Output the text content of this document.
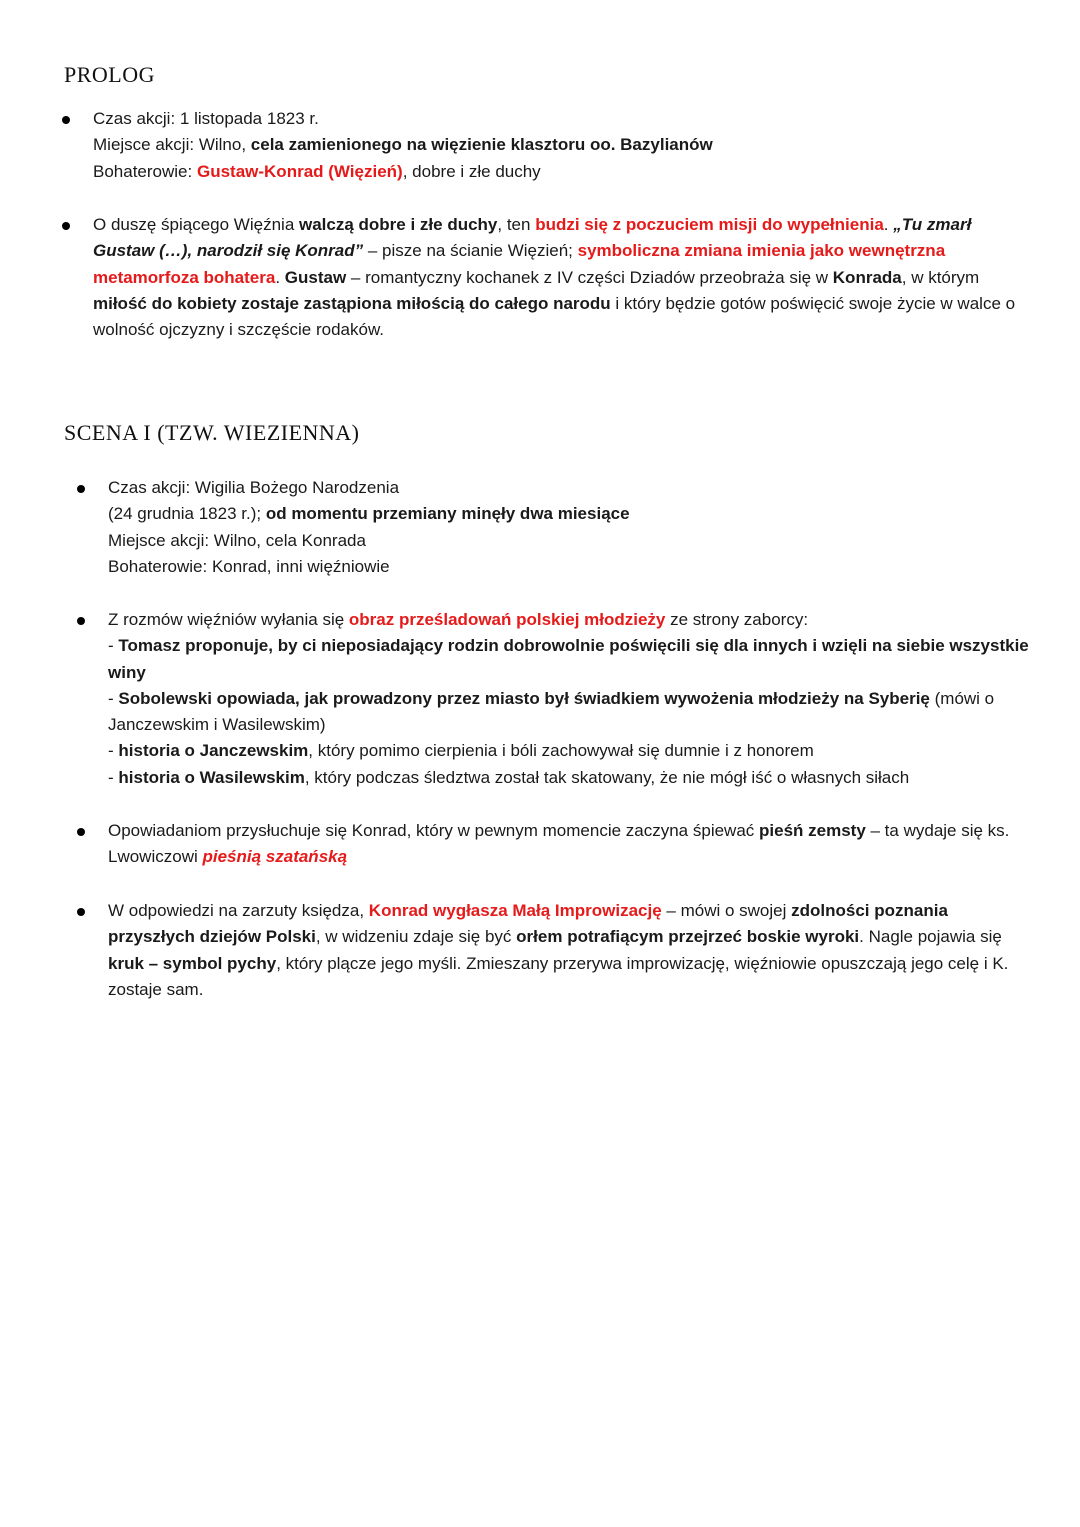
PROLOG

Czas akcji: 1 listopada 1823 r.

Miejsce akcji: Wilno, cela zamienionego na więzienie klasztoru oo. Bazylianów

Bohaterowie: Gustaw-Konrad (Więzień), dobre i złe duchy

O duszę śpiącego Więźnia walczą dobre i złe duchy, ten budzi się z poczuciem misji do wypełnienia. „Tu zmarł Gustaw (…), narodził się Konrad” – pisze na ścianie Więzień; symboliczna zmiana imienia jako wewnętrzna metamorfoza bohatera. Gustaw – romantyczny kochanek z IV części Dziadów przeobraża się w Konrada, w którym miłość do kobiety zostaje zastąpiona miłością do całego narodu i który będzie gotów poświęcić swoje życie w walce o wolność ojczyzny i szczęście rodaków.

SCENA I (TZW. WIEZIENNA)

Czas akcji: Wigilia Bożego Narodzenia

(24 grudnia 1823 r.); od momentu przemiany minęły dwa miesiące

Miejsce akcji: Wilno, cela Konrada

Bohaterowie: Konrad, inni więźniowie

Z rozmów więźniów wyłania się obraz prześladowań polskiej młodzieży ze strony zaborcy:

- Tomasz proponuje, by ci nieposiadający rodzin dobrowolnie poświęcili się dla innych i wzięli na siebie wszystkie winy

- Sobolewski opowiada, jak prowadzony przez miasto był świadkiem wywożenia młodzieży na Syberię (mówi o Janczewskim i Wasilewskim)

- historia o Janczewskim, który pomimo cierpienia i bóli zachowywał się dumnie i z honorem

- historia o Wasilewskim, który podczas śledztwa został tak skatowany, że nie mógł iść o własnych siłach

Opowiadaniom przysłuchuje się Konrad, który w pewnym momencie zaczyna śpiewać pieśń zemsty – ta wydaje się ks. Lwowiczowi pieśnią szatańską

W odpowiedzi na zarzuty księdza, Konrad wygłasza Małą Improwizację – mówi o swojej zdolności poznania przyszłych dziejów Polski, w widzeniu zdaje się być orłem potrafiącym przejrzeć boskie wyroki. Nagle pojawia się kruk – symbol pychy, który plącze jego myśli. Zmieszany przerywa improwizację, więźniowie opuszczają jego celę i K. zostaje sam.
